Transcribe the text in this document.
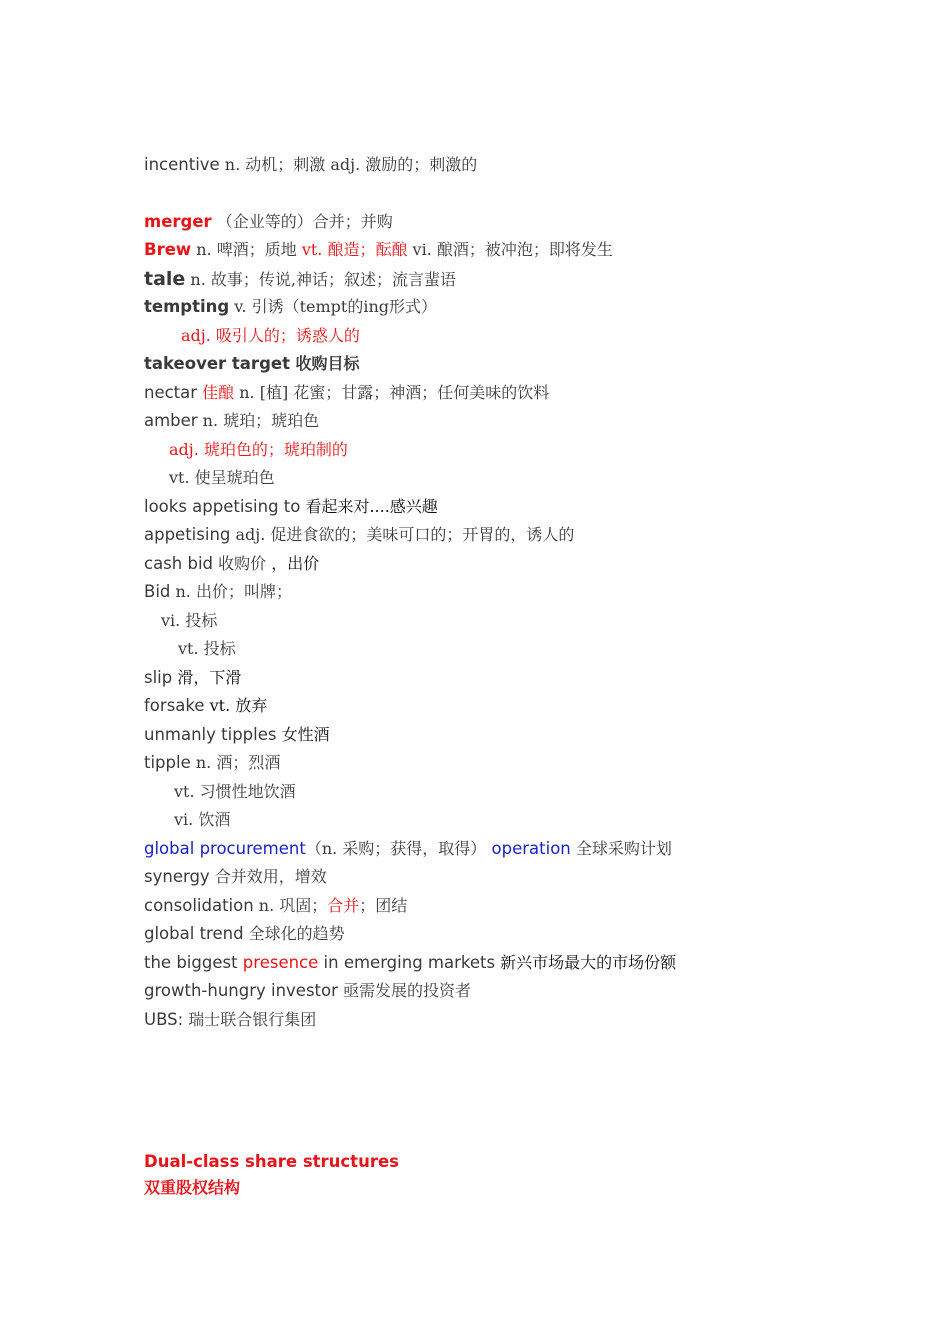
incentive n. 动机；刺激 adj. 激励的；刺激的
merger （企业等的）合并；并购
Brew n. 啤酒；质地 vt. 酿造；酝酿 vi. 酿酒；被冲泡；即将发生
tale n. 故事；传说,神话；叙述；流言蜚语
tempting v. 引诱（tempt的ing形式）
adj. 吸引人的；诱惑人的
takeover target 收购目标
nectar 佳酿 n. [植] 花蜜；甘露；神酒；任何美味的饮料
amber n. 琥珀；琥珀色
adj. 琥珀色的；琥珀制的
vt. 使呈琥珀色
looks appetising to 看起来对....感兴趣
appetising adj. 促进食欲的；美味可口的；开胃的，诱人的
cash bid 收购价 ，出价
Bid n. 出价；叫牌；
vi. 投标
vt. 投标
slip 滑，下滑
forsake vt. 放弃
unmanly tipples 女性酒
tipple n. 酒；烈酒
vt. 习惯性地饮酒
vi. 饮酒
global procurement（n. 采购；获得，取得） operation 全球采购计划
synergy 合并效用，增效
consolidation n. 巩固；合并；团结
global trend 全球化的趋势
the biggest presence in emerging markets 新兴市场最大的市场份额
growth-hungry investor 亟需发展的投资者
UBS: 瑞士联合银行集团
Dual-class share structures
双重股权结构
